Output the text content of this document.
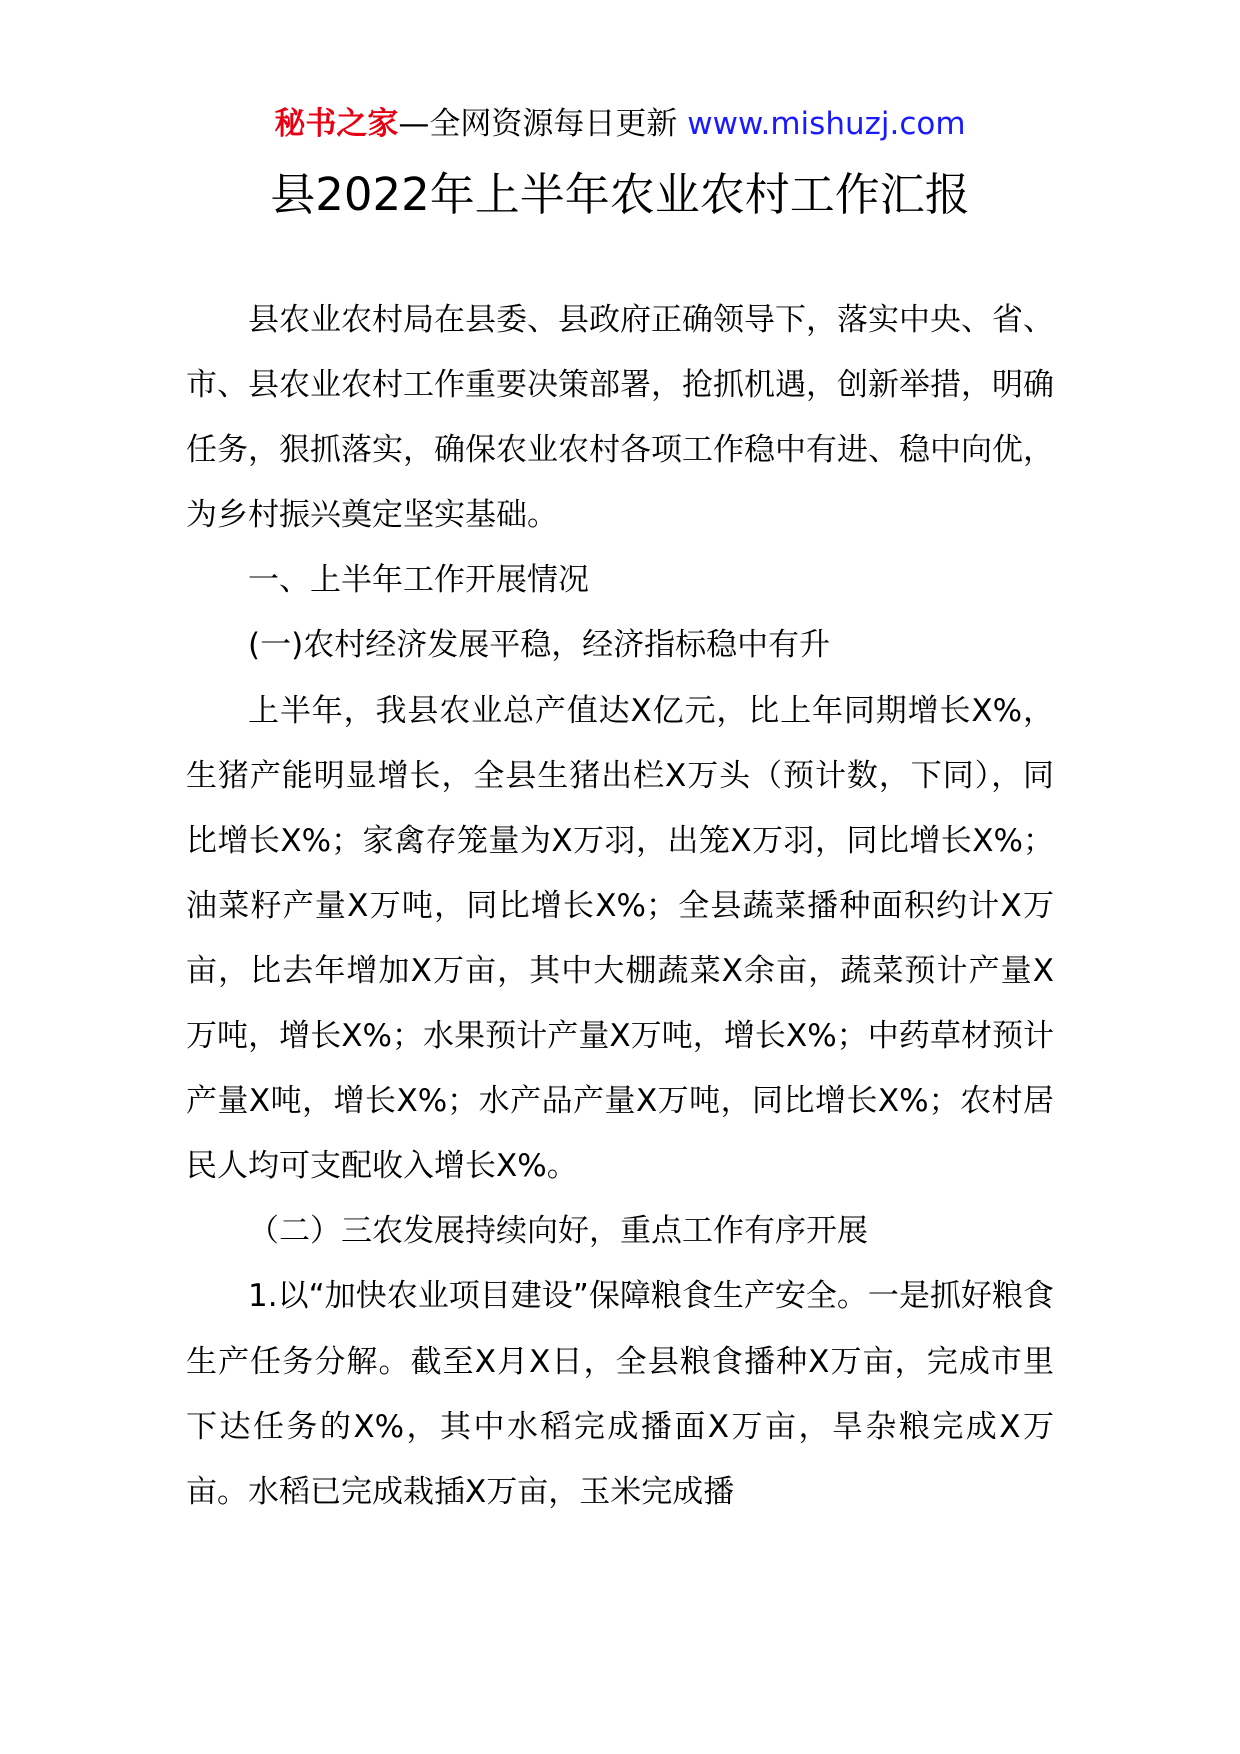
秘书之家—全网资源每日更新 www.mishuzj.com
县2022年上半年农业农村工作汇报

县农业农村局在县委、县政府正确领导下，落实中央、省、市、县农业农村工作重要决策部署，抢抓机遇，创新举措，明确任务，狠抓落实，确保农业农村各项工作稳中有进、稳中向优，为乡村振兴奠定坚实基础。

一、上半年工作开展情况

(一)农村经济发展平稳，经济指标稳中有升

上半年，我县农业总产值达X亿元，比上年同期增长X%，生猪产能明显增长，全县生猪出栏X万头（预计数，下同），同比增长X%；家禽存笼量为X万羽，出笼X万羽，同比增长X%；油菜籽产量X万吨，同比增长X%；全县蔬菜播种面积约计X万亩，比去年增加X万亩，其中大棚蔬菜X余亩，蔬菜预计产量X万吨，增长X%；水果预计产量X万吨，增长X%；中药草材预计产量X吨，增长X%；水产品产量X万吨，同比增长X%；农村居民人均可支配收入增长X%。

（二）三农发展持续向好，重点工作有序开展

1.以“加快农业项目建设”保障粮食生产安全。一是抓好粮食生产任务分解。截至X月X日，全县粮食播种X万亩，完成市里下达任务的X%，其中水稻完成播面X万亩，旱杂粮完成X万亩。水稻已完成栽插X万亩，玉米完成播
